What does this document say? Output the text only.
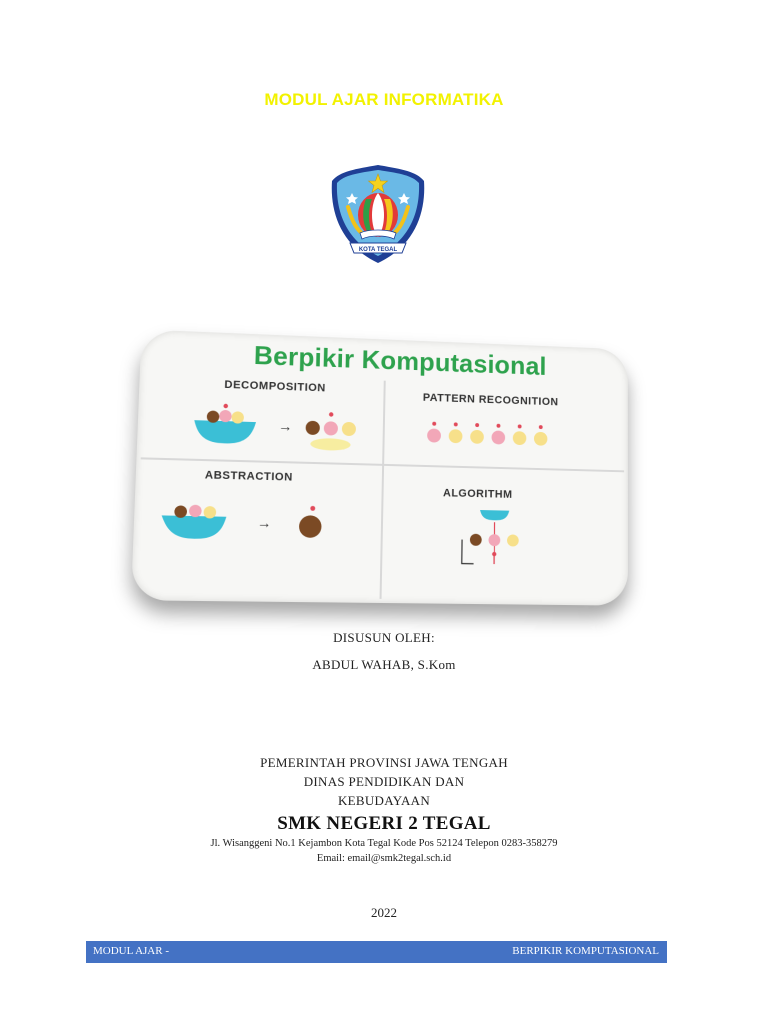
MODUL AJAR INFORMATIKA
KOTA TEGAL
Berpikir Komputasional
DECOMPOSITION
PATTERN RECOGNITION
ABSTRACTION
ALGORITHM
→
→
DISUSUN OLEH:
ABDUL WAHAB, S.Kom
PEMERINTAH PROVINSI JAWA TENGAH
DINAS PENDIDIKAN DAN
KEBUDAYAAN
SMK NEGERI 2 TEGAL
Jl. Wisanggeni No.1 Kejambon Kota Tegal Kode Pos 52124 Telepon 0283-358279
Email: email@smk2tegal.sch.id
2022
MODUL AJAR -	BERPIKIR KOMPUTASIONAL
